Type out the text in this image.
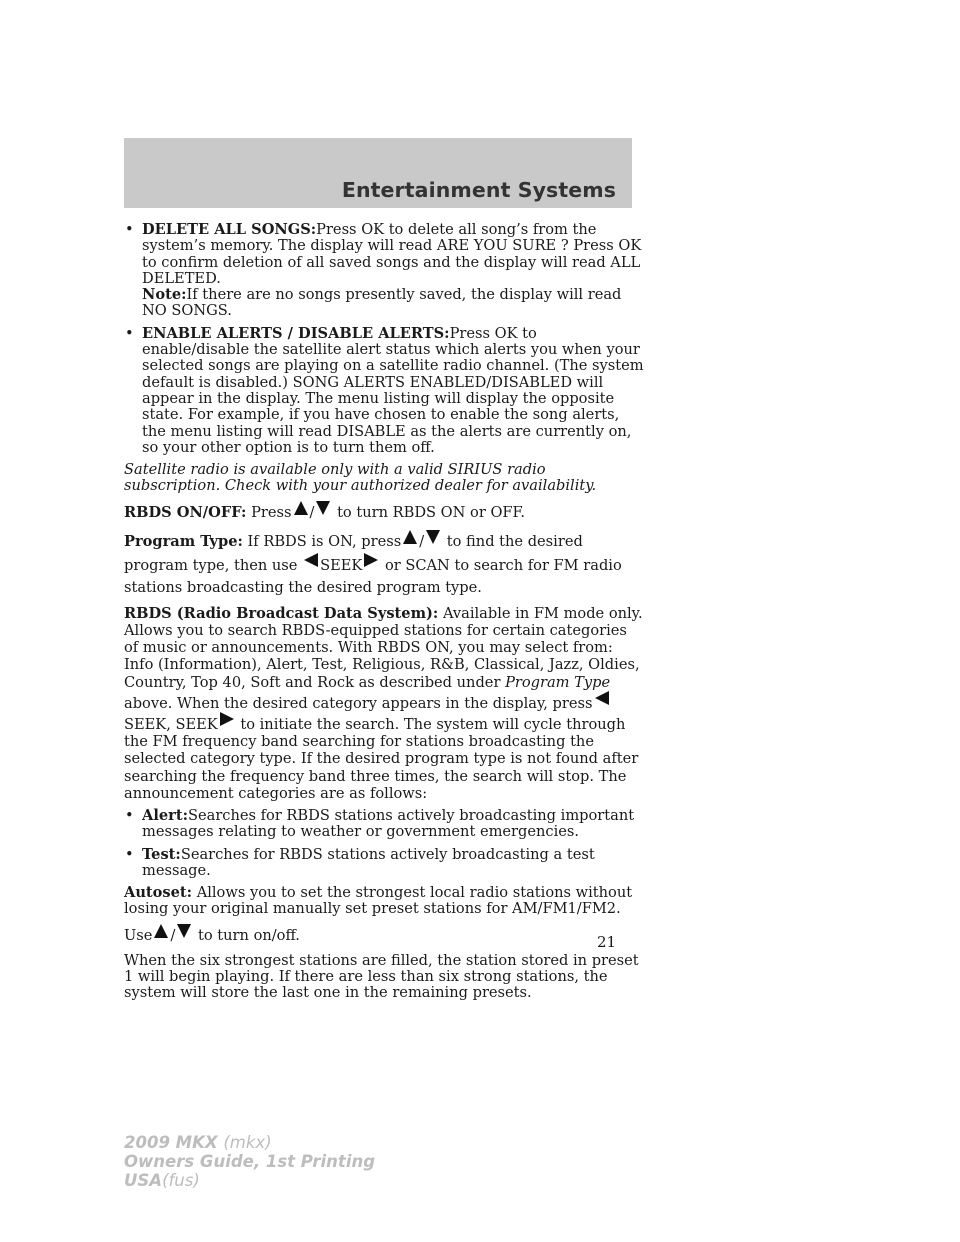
Entertainment Systems
• DELETE ALL SONGS:Press OK to delete all song’s from the system’s memory. The display will read ARE YOU SURE ? Press OK to confirm deletion of all saved songs and the display will read ALL DELETED.
Note:If there are no songs presently saved, the display will read NO SONGS.
• ENABLE ALERTS / DISABLE ALERTS:Press OK to enable/disable the satellite alert status which alerts you when your selected songs are playing on a satellite radio channel. (The system default is disabled.) SONG ALERTS ENABLED/DISABLED will appear in the display. The menu listing will display the opposite state. For example, if you have chosen to enable the song alerts, the menu listing will read DISABLE as the alerts are currently on, so your other option is to turn them off.

Satellite radio is available only with a valid SIRIUS radio subscription. Check with your authorized dealer for availability.

RBDS ON/OFF: Press / to turn RBDS ON or OFF.

Program Type: If RBDS is ON, press / to find the desired program type, then use SEEK or SCAN to search for FM radio stations broadcasting the desired program type.

RBDS (Radio Broadcast Data System): Available in FM mode only. Allows you to search RBDS-equipped stations for certain categories of music or announcements. With RBDS ON, you may select from: Info (Information), Alert, Test, Religious, R&B, Classical, Jazz, Oldies, Country, Top 40, Soft and Rock as described under Program Type above. When the desired category appears in the display, press SEEK, SEEK to initiate the search. The system will cycle through the FM frequency band searching for stations broadcasting the selected category type. If the desired program type is not found after searching the frequency band three times, the search will stop. The announcement categories are as follows:

• Alert:Searches for RBDS stations actively broadcasting important messages relating to weather or government emergencies.
• Test:Searches for RBDS stations actively broadcasting a test message.

Autoset: Allows you to set the strongest local radio stations without losing your original manually set preset stations for AM/FM1/FM2.

Use / to turn on/off.

When the six strongest stations are filled, the station stored in preset 1 will begin playing. If there are less than six strong stations, the system will store the last one in the remaining presets.

21
2009 MKX (mkx)
Owners Guide, 1st Printing
USA(fus)
